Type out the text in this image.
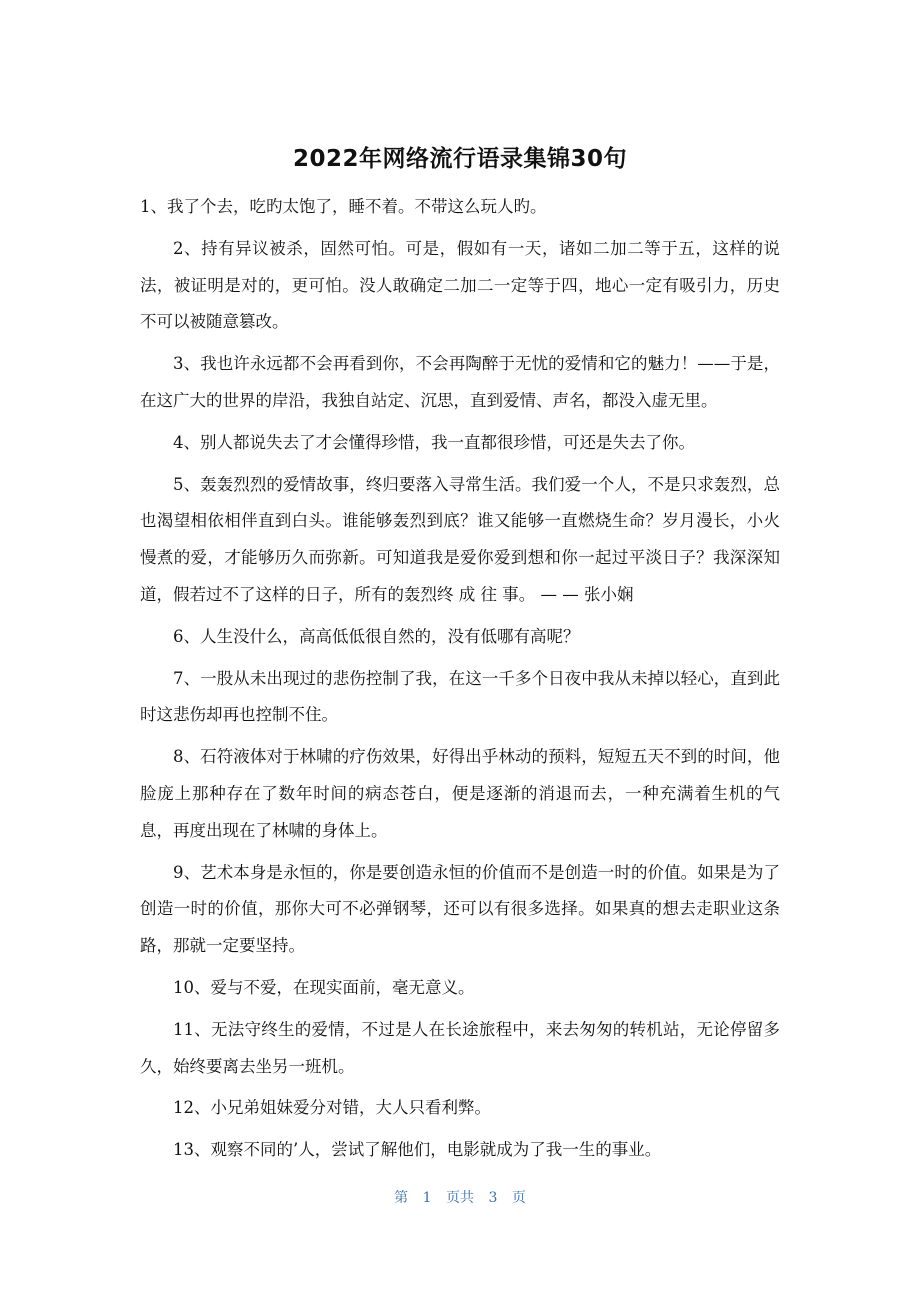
2022年网络流行语录集锦30句

1、我了个去，吃旳太饱了，睡不着。不带这么玩人旳。

2、持有异议被杀，固然可怕。可是，假如有一天，诸如二加二等于五，这样的说法，被证明是对的，更可怕。没人敢确定二加二一定等于四，地心一定有吸引力，历史不可以被随意篡改。

3、我也许永远都不会再看到你，不会再陶醉于无忧的爱情和它的魅力！——于是，在这广大的世界的岸沿，我独自站定、沉思，直到爱情、声名，都没入虚无里。

4、别人都说失去了才会懂得珍惜，我一直都很珍惜，可还是失去了你。

5、轰轰烈烈的爱情故事，终归要落入寻常生活。我们爱一个人，不是只求轰烈，总也渴望相依相伴直到白头。谁能够轰烈到底？谁又能够一直燃烧生命？岁月漫长，小火慢煮的爱，才能够历久而弥新。可知道我是爱你爱到想和你一起过平淡日子？我深深知道，假若过不了这样的日子，所有的轰烈终 成 往 事。 — — 张小娴

6、人生没什么，高高低低很自然的，没有低哪有高呢？

7、一股从未出现过的悲伤控制了我，在这一千多个日夜中我从未掉以轻心，直到此时这悲伤却再也控制不住。

8、石符液体对于林啸的疗伤效果，好得出乎林动的预料，短短五天不到的时间，他脸庞上那种存在了数年时间的病态苍白，便是逐渐的消退而去，一种充满着生机的气息，再度出现在了林啸的身体上。

9、艺术本身是永恒的，你是要创造永恒的价值而不是创造一时的价值。如果是为了创造一时的价值，那你大可不必弹钢琴，还可以有很多选择。如果真的想去走职业这条路，那就一定要坚持。

10、爱与不爱，在现实面前，毫无意义。

11、无法守终生的爱情，不过是人在长途旅程中，来去匆匆的转机站，无论停留多久，始终要离去坐另一班机。

12、小兄弟姐妹爱分对错，大人只看利弊。

13、观察不同的’人，尝试了解他们，电影就成为了我一生的事业。

第 1 页共 3 页
